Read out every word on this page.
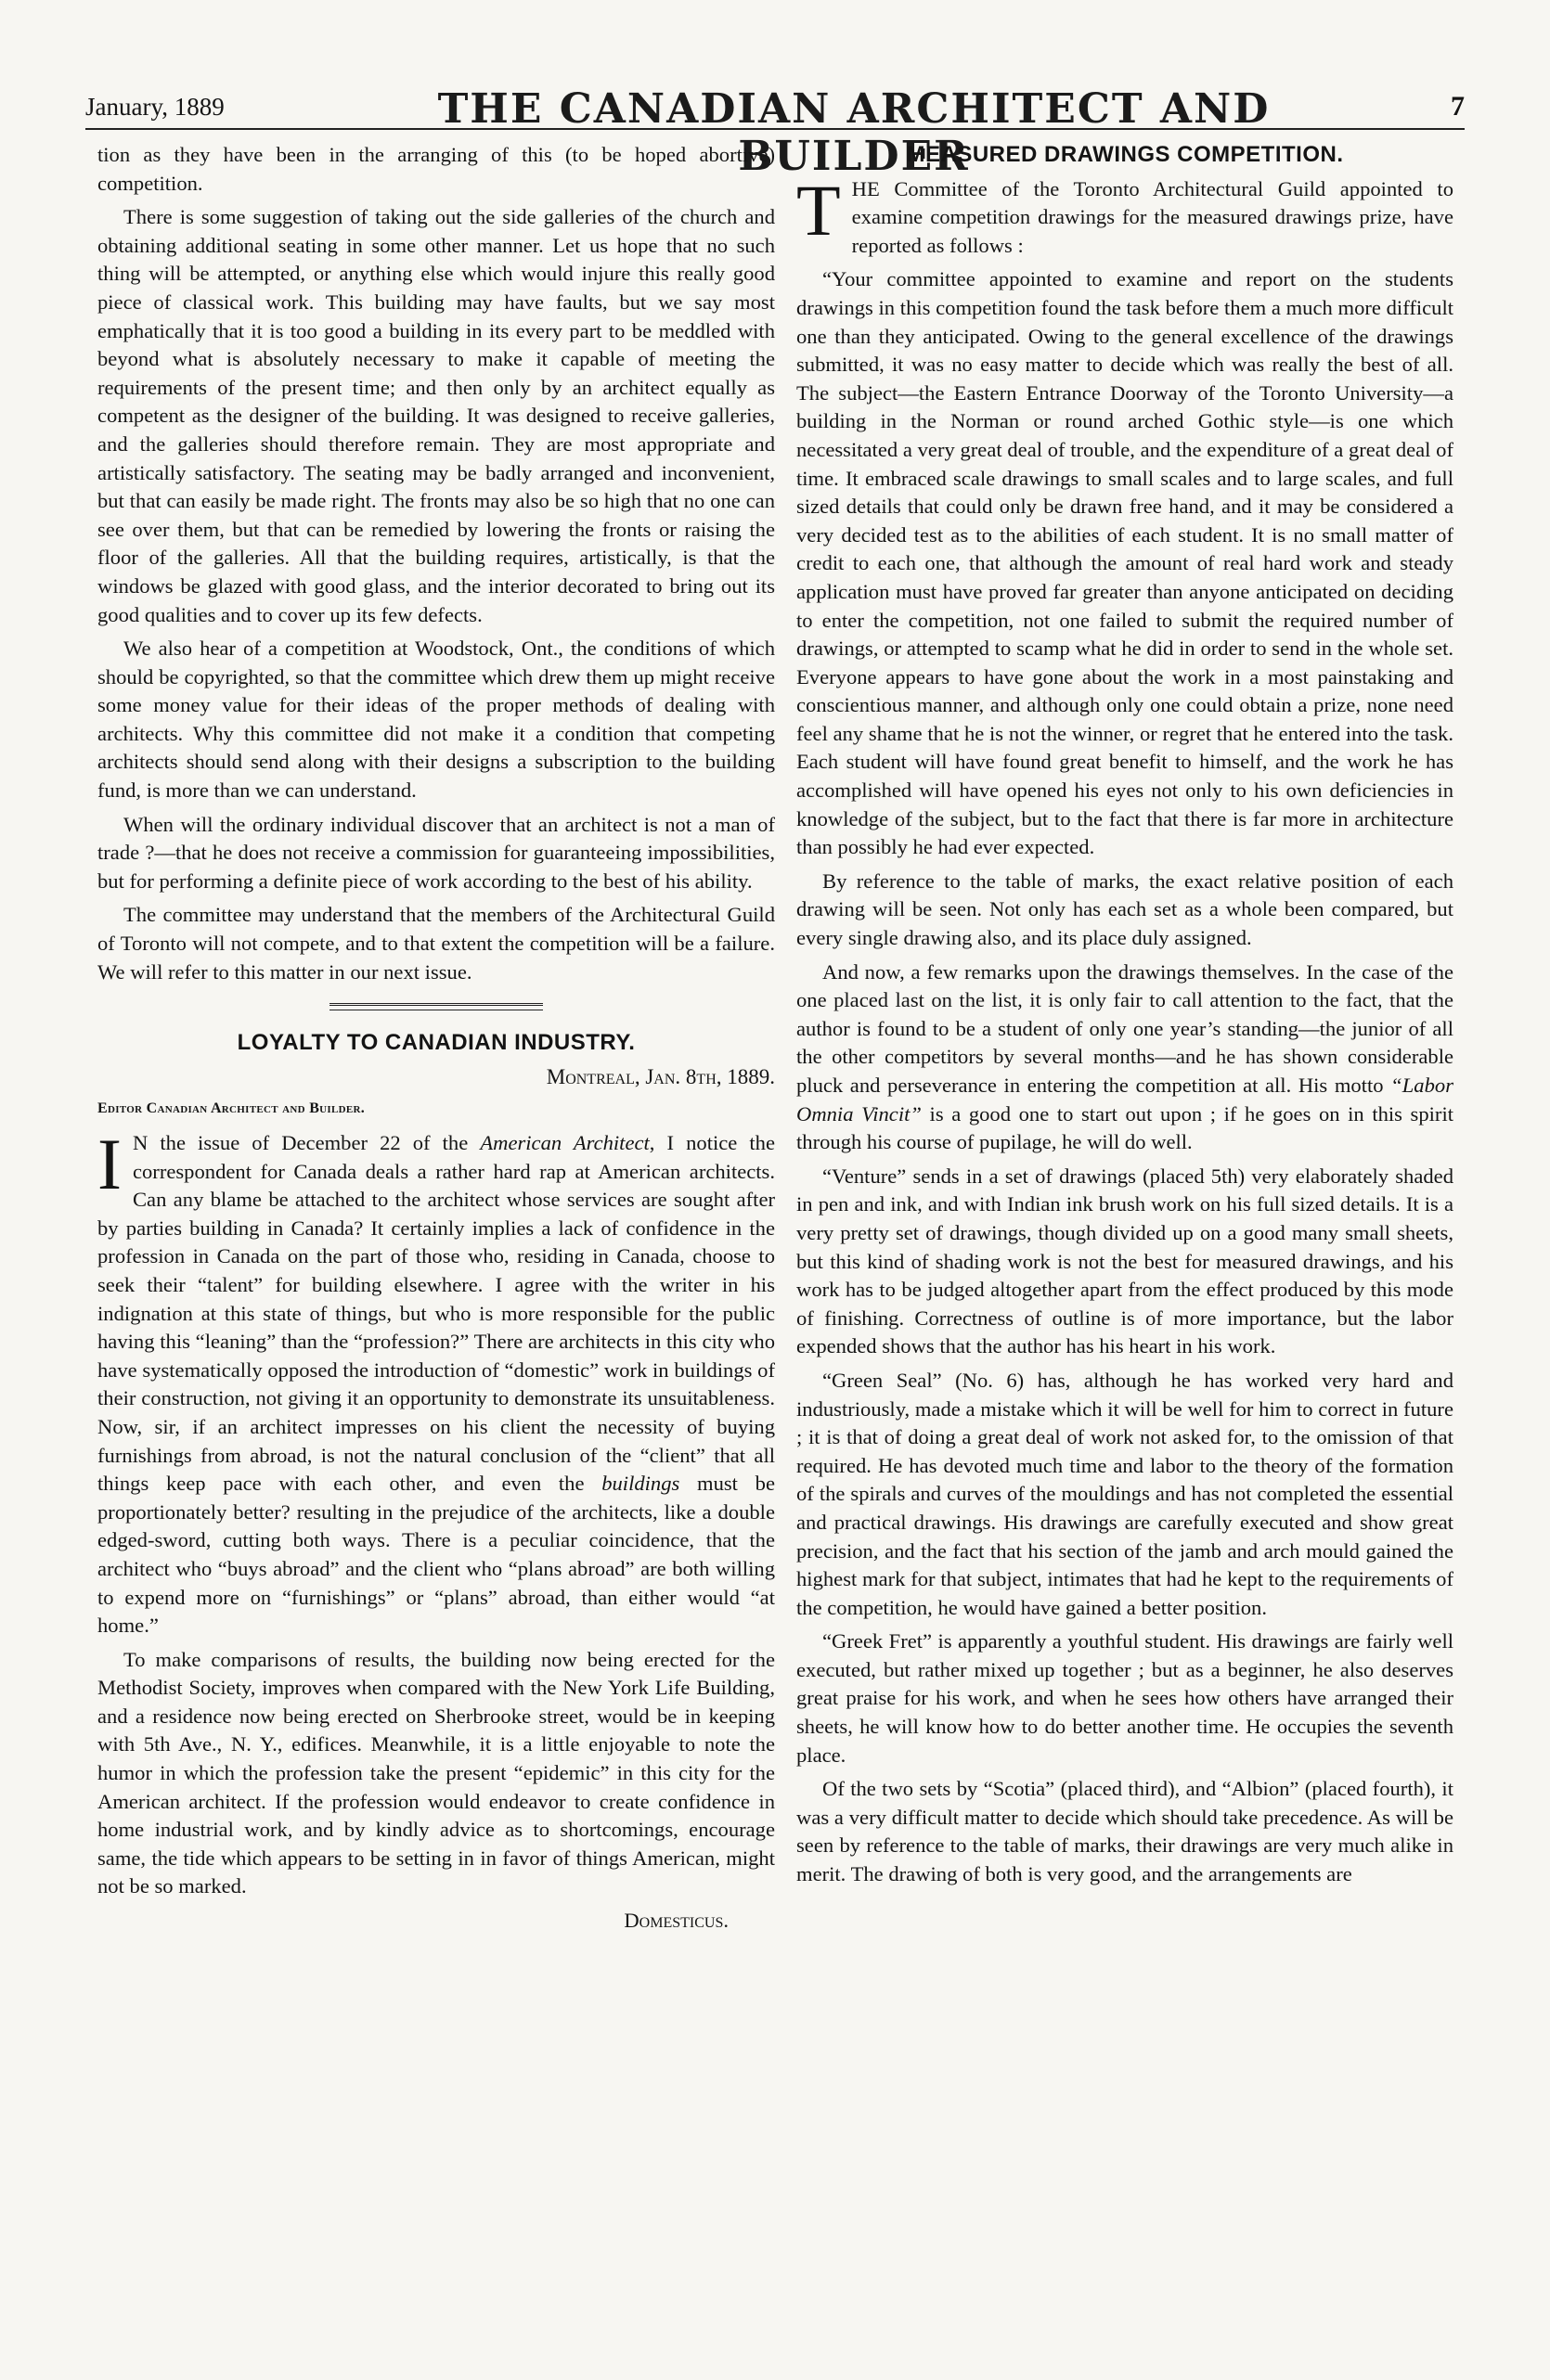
January, 1889	THE CANADIAN ARCHITECT AND BUILDER
7

tion as they have been in the arranging of this (to be hoped abortive) competition.

There is some suggestion of taking out the side galleries of the church and obtaining additional seating in some other manner. Let us hope that no such thing will be attempted, or anything else which would injure this really good piece of classical work. This building may have faults, but we say most emphatically that it is too good a building in its every part to be meddled with beyond what is absolutely necessary to make it capable of meeting the requirements of the present time; and then only by an architect equally as competent as the designer of the building. It was designed to receive galleries, and the galleries should therefore remain. They are most appropriate and artistically satisfactory. The seating may be badly arranged and inconvenient, but that can easily be made right. The fronts may also be so high that no one can see over them, but that can be remedied by lowering the fronts or raising the floor of the galleries. All that the building requires, artistically, is that the windows be glazed with good glass, and the interior decorated to bring out its good qualities and to cover up its few defects.

We also hear of a competition at Woodstock, Ont., the conditions of which should be copyrighted, so that the committee which drew them up might receive some money value for their ideas of the proper methods of dealing with architects. Why this committee did not make it a condition that competing architects should send along with their designs a subscription to the building fund, is more than we can understand.

When will the ordinary individual discover that an architect is not a man of trade ?—that he does not receive a commission for guaranteeing impossibilities, but for performing a definite piece of work according to the best of his ability.

The committee may understand that the members of the Architectural Guild of Toronto will not compete, and to that extent the competition will be a failure. We will refer to this matter in our next issue.

LOYALTY TO CANADIAN INDUSTRY.
Montreal, Jan. 8th, 1889.
Editor Canadian Architect and Builder.

I N the issue of December 22 of the American Architect, I notice the correspondent for Canada deals a rather hard rap at American architects. Can any blame be attached to the architect whose services are sought after by parties building in Canada? It certainly implies a lack of confidence in the profession in Canada on the part of those who, residing in Canada, choose to seek their “talent” for building elsewhere. I agree with the writer in his indignation at this state of things, but who is more responsible for the public having this “leaning” than the “profession?” There are architects in this city who have systematically opposed the introduction of “domestic” work in buildings of their construction, not giving it an opportunity to demonstrate its unsuitableness. Now, sir, if an architect impresses on his client the necessity of buying furnishings from abroad, is not the natural conclusion of the “client” that all things keep pace with each other, and even the buildings must be proportionately better? resulting in the prejudice of the architects, like a double edged-sword, cutting both ways. There is a peculiar coincidence, that the architect who “buys abroad” and the client who “plans abroad” are both willing to expend more on “furnishings” or “plans” abroad, than either would “at home.”

To make comparisons of results, the building now being erected for the Methodist Society, improves when compared with the New York Life Building, and a residence now being erected on Sherbrooke street, would be in keeping with 5th Ave., N. Y., edifices. Meanwhile, it is a little enjoyable to note the humor in which the profession take the present “epidemic” in this city for the American architect. If the profession would endeavor to create confidence in home industrial work, and by kindly advice as to shortcomings, encourage same, the tide which appears to be setting in in favor of things American, might not be so marked.

Domesticus.
MEASURED DRAWINGS COMPETITION.

THE Committee of the Toronto Architectural Guild appointed to examine competition drawings for the measured drawings prize, have reported as follows :

“Your committee appointed to examine and report on the students drawings in this competition found the task before them a much more difficult one than they anticipated. Owing to the general excellence of the drawings submitted, it was no easy matter to decide which was really the best of all. The subject—the Eastern Entrance Doorway of the Toronto University—a building in the Norman or round arched Gothic style—is one which necessitated a very great deal of trouble, and the expenditure of a great deal of time. It embraced scale drawings to small scales and to large scales, and full sized details that could only be drawn free hand, and it may be considered a very decided test as to the abilities of each student. It is no small matter of credit to each one, that although the amount of real hard work and steady application must have proved far greater than anyone anticipated on deciding to enter the competition, not one failed to submit the required number of drawings, or attempted to scamp what he did in order to send in the whole set. Everyone appears to have gone about the work in a most painstaking and conscientious manner, and although only one could obtain a prize, none need feel any shame that he is not the winner, or regret that he entered into the task. Each student will have found great benefit to himself, and the work he has accomplished will have opened his eyes not only to his own deficiencies in knowledge of the subject, but to the fact that there is far more in architecture than possibly he had ever expected.

By reference to the table of marks, the exact relative position of each drawing will be seen. Not only has each set as a whole been compared, but every single drawing also, and its place duly assigned.

And now, a few remarks upon the drawings themselves. In the case of the one placed last on the list, it is only fair to call attention to the fact, that the author is found to be a student of only one year’s standing—the junior of all the other competitors by several months—and he has shown considerable pluck and perseverance in entering the competition at all. His motto “Labor Omnia Vincit” is a good one to start out upon ; if he goes on in this spirit through his course of pupilage, he will do well.

“Venture” sends in a set of drawings (placed 5th) very elaborately shaded in pen and ink, and with Indian ink brush work on his full sized details. It is a very pretty set of drawings, though divided up on a good many small sheets, but this kind of shading work is not the best for measured drawings, and his work has to be judged altogether apart from the effect produced by this mode of finishing. Correctness of outline is of more importance, but the labor expended shows that the author has his heart in his work.

“Green Seal” (No. 6) has, although he has worked very hard and industriously, made a mistake which it will be well for him to correct in future ; it is that of doing a great deal of work not asked for, to the omission of that required. He has devoted much time and labor to the theory of the formation of the spirals and curves of the mouldings and has not completed the essential and practical drawings. His drawings are carefully executed and show great precision, and the fact that his section of the jamb and arch mould gained the highest mark for that subject, intimates that had he kept to the requirements of the competition, he would have gained a better position.

“Greek Fret” is apparently a youthful student. His drawings are fairly well executed, but rather mixed up together ; but as a beginner, he also deserves great praise for his work, and when he sees how others have arranged their sheets, he will know how to do better another time. He occupies the seventh place.

Of the two sets by “Scotia” (placed third), and “Albion” (placed fourth), it was a very difficult matter to decide which should take precedence. As will be seen by reference to the table of marks, their drawings are very much alike in merit. The drawing of both is very good, and the arrangements are
